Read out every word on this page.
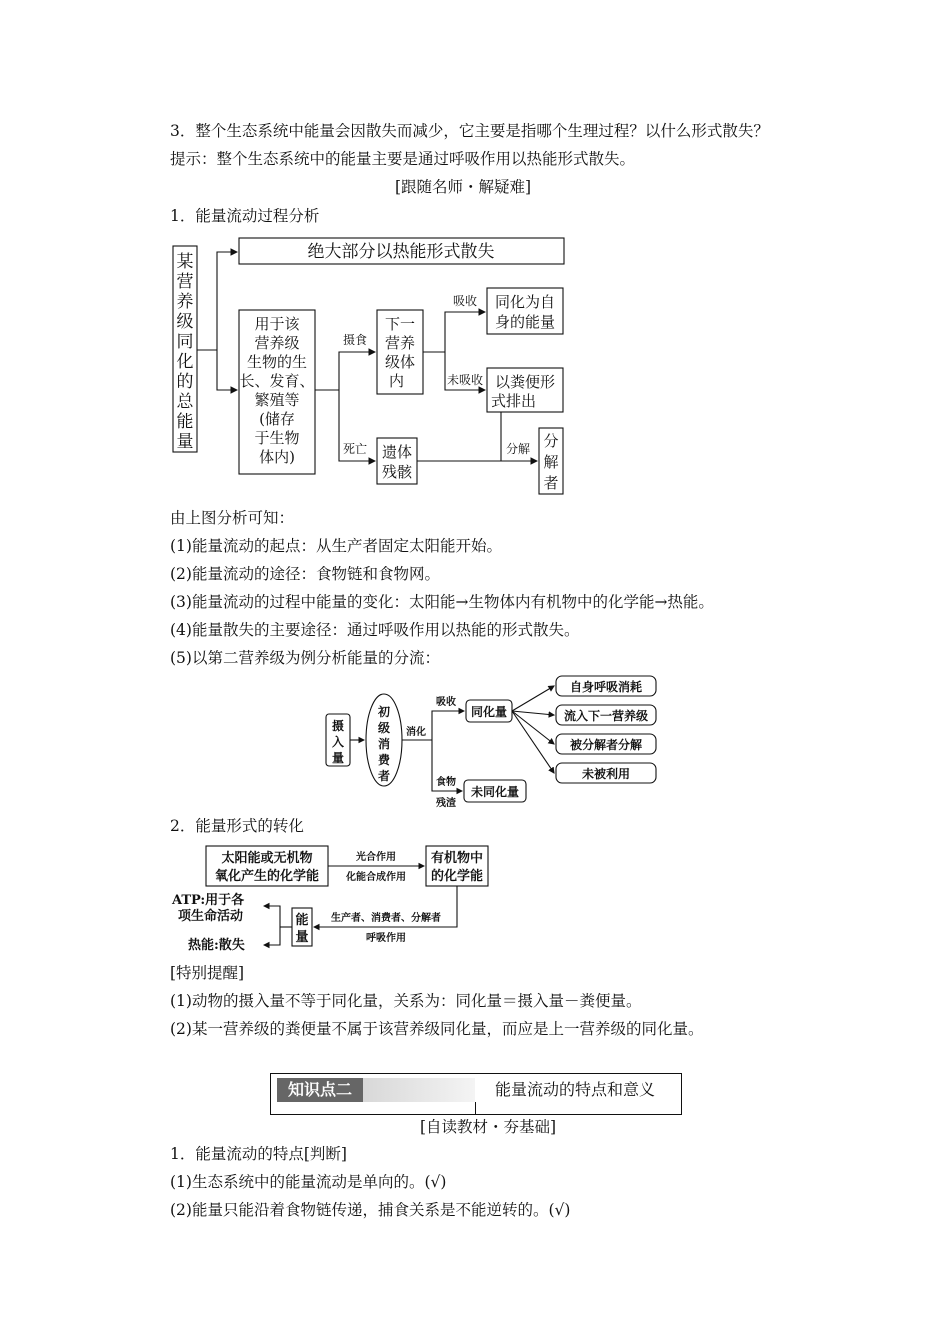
3．整个生态系统中能量会因散失而减少，它主要是指哪个生理过程？以什么形式散失？
提示：整个生态系统中的能量主要是通过呼吸作用以热能形式散失。
[跟随名师・解疑难]
1．能量流动过程分析
某
营
养
级
同
化
的
总
能
量
绝大部分以热能形式散失
用于该
营养级
生物的生
长、发育、
繁殖等
(储存
于生物
体内)
下一
营养
级体
内
同化为自
身的能量
以粪便形
式排出
遗体
残骸
分
解
者
摄食
死亡
吸收
未吸收
分解
由上图分析可知：
(1)能量流动的起点：从生产者固定太阳能开始。
(2)能量流动的途径：食物链和食物网。
(3)能量流动的过程中能量的变化：太阳能→生物体内有机物中的化学能→热能。
(4)能量散失的主要途径：通过呼吸作用以热能的形式散失。
(5)以第二营养级为例分析能量的分流：
摄
入
量
初
级
消
费
者
同化量
未同化量
自身呼吸消耗
流入下一营养级
被分解者分解
未被利用
消化
吸收
食物
残渣
2．能量形式的转化
太阳能或无机物
氧化产生的化学能
有机物中
的化学能
能
量
ATP:用于各
项生命活动
热能:散失
光合作用
化能合成作用
生产者、消费者、分解者
呼吸作用
[特别提醒]
(1)动物的摄入量不等于同化量，关系为：同化量＝摄入量－粪便量。
(2)某一营养级的粪便量不属于该营养级同化量，而应是上一营养级的同化量。
知识点二	能量流动的特点和意义
[自读教材・夯基础]
1．能量流动的特点[判断]
(1)生态系统中的能量流动是单向的。(√)
(2)能量只能沿着食物链传递，捕食关系是不能逆转的。(√)
